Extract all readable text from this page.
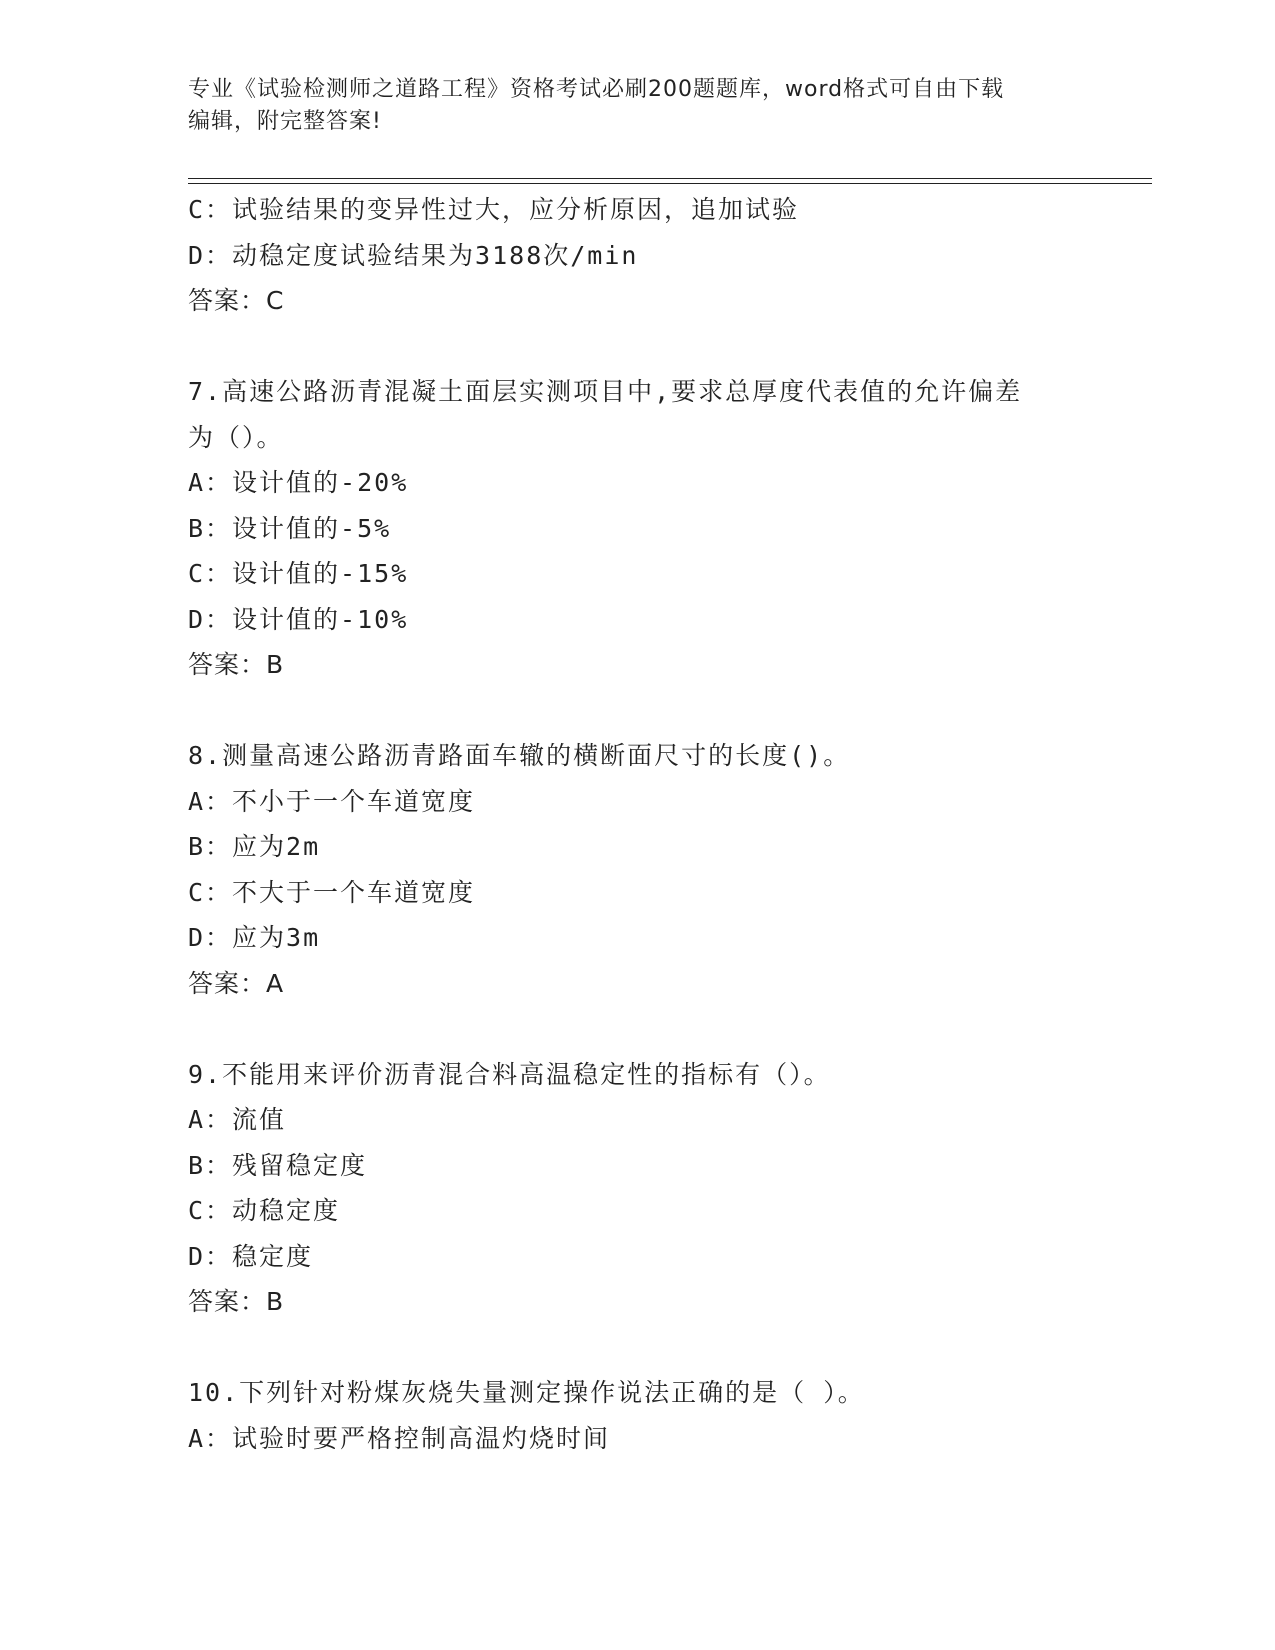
专业《试验检测师之道路工程》资格考试必刷200题题库，word格式可自由下载
编辑，附完整答案!
C：试验结果的变异性过大，应分析原因，追加试验
D：动稳定度试验结果为3188次/min
答案：C
7.高速公路沥青混凝土面层实测项目中,要求总厚度代表值的允许偏差
为（）。
A：设计值的-20%
B：设计值的-5%
C：设计值的-15%
D：设计值的-10%
答案：B
8.测量高速公路沥青路面车辙的横断面尺寸的长度()。
A：不小于一个车道宽度
B：应为2m
C：不大于一个车道宽度
D：应为3m
答案：A
9.不能用来评价沥青混合料高温稳定性的指标有（）。
A：流值
B：残留稳定度
C：动稳定度
D：稳定度
答案：B
10.下列针对粉煤灰烧失量测定操作说法正确的是（ ）。
A：试验时要严格控制高温灼烧时间
